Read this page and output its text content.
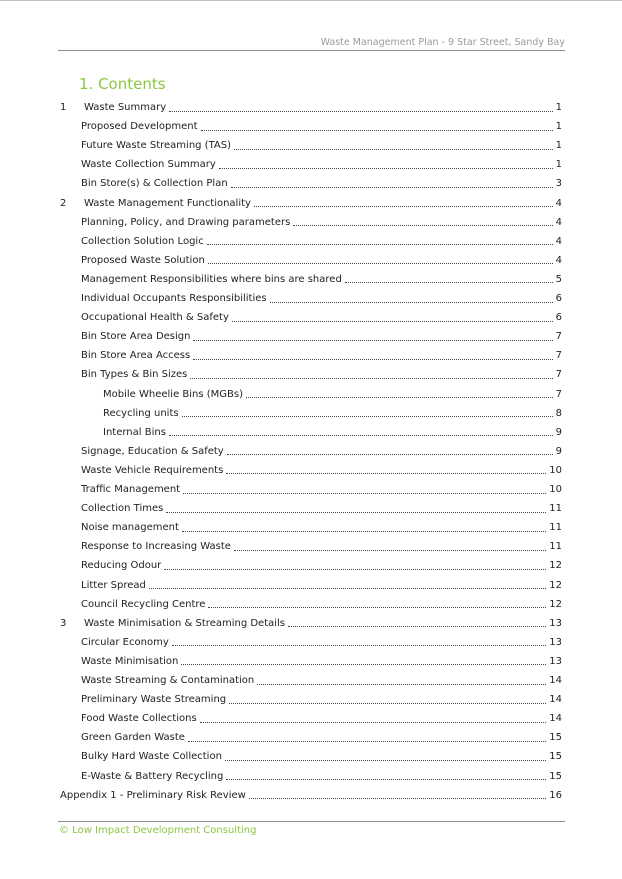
Waste Management Plan - 9 Star Street, Sandy Bay
1. Contents
1	Waste Summary	1
Proposed Development	1
Future Waste Streaming (TAS)	1
Waste Collection Summary	1
Bin Store(s) & Collection Plan	3
2	Waste Management Functionality	4
Planning, Policy, and Drawing parameters	4
Collection Solution Logic	4
Proposed Waste Solution	4
Management Responsibilities where bins are shared	5
Individual Occupants Responsibilities	6
Occupational Health & Safety	6
Bin Store Area Design	7
Bin Store Area Access	7
Bin Types & Bin Sizes	7
Mobile Wheelie Bins (MGBs)	7
Recycling units	8
Internal Bins	9
Signage, Education & Safety	9
Waste Vehicle Requirements	10
Traffic Management	10
Collection Times	11
Noise management	11
Response to Increasing Waste	11
Reducing Odour	12
Litter Spread	12
Council Recycling Centre	12
3	Waste Minimisation & Streaming Details	13
Circular Economy	13
Waste Minimisation	13
Waste Streaming & Contamination	14
Preliminary Waste Streaming	14
Food Waste Collections	14
Green Garden Waste	15
Bulky Hard Waste Collection	15
E-Waste & Battery Recycling	15
Appendix 1 - Preliminary Risk Review	16
© Low Impact Development Consulting
